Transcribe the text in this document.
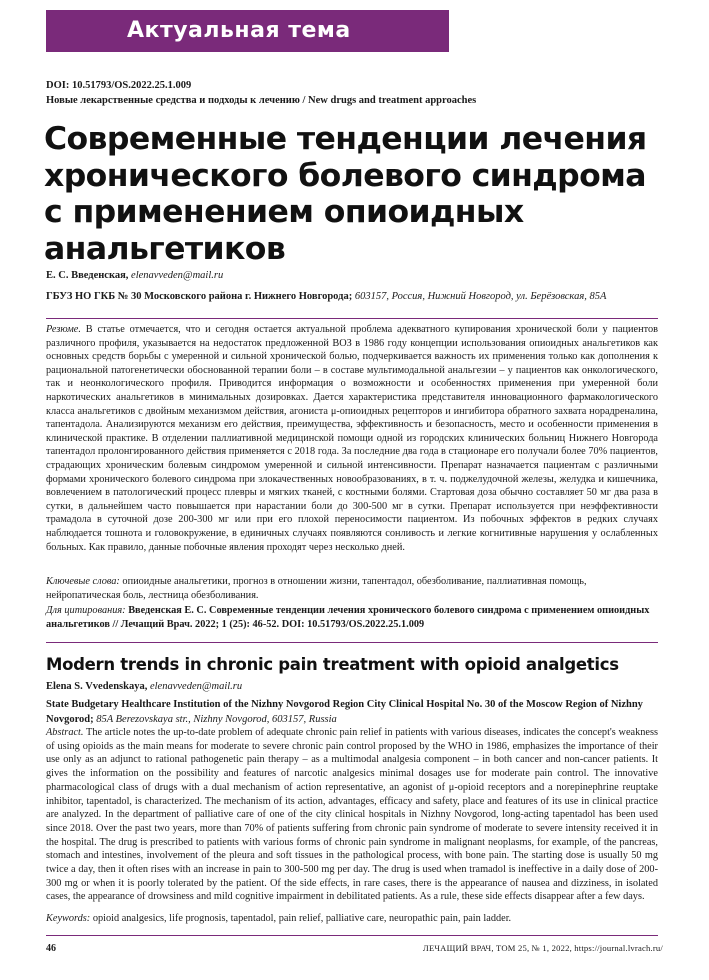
Актуальная тема
DOI: 10.51793/OS.2022.25.1.009
Новые лекарственные средства и подходы к лечению / New drugs and treatment approaches
Современные тенденции лечения
хронического болевого синдрома
с применением опиоидных
анальгетиков
Е. С. Введенская, elenavveden@mail.ru
ГБУЗ НО ГКБ № 30 Московского района г. Нижнего Новгорода; 603157, Россия, Нижний Новгород, ул. Берёзовская, 85А

Резюме. В статье отмечается, что и сегодня остается актуальной проблема адекватного купирования хронической боли у пациентов различного профиля, указывается на недостаток предложенной ВОЗ в 1986 году концепции использования опиоидных анальгетиков как основных средств борьбы с умеренной и сильной хронической болью, подчеркивается важность их применения только как дополнения к рациональной патогенетически обоснованной терапии боли – в составе мультимодальной анальгезии – у пациентов как онкологического, так и неонкологического профиля. Приводится информация о возможности и особенностях применения при умеренной боли наркотических анальгетиков в минимальных дозировках. Дается характеристика представителя инновационного фармакологического класса анальгетиков с двойным механизмом действия, агониста μ-опиоидных рецепторов и ингибитора обратного захвата норадреналина, тапентадола. Анализируются механизм его действия, преимущества, эффективность и безопасность, место и особенности применения в клинической практике. В отделении паллиативной медицинской помощи одной из городских клинических больниц Нижнего Новгорода тапентадол пролонгированного действия применяется с 2018 года. За последние два года в стационаре его получали более 70% пациентов, страдающих хроническим болевым синдромом умеренной и сильной интенсивности. Препарат назначается пациентам с различными формами хронического болевого синдрома при злокачественных новообразованиях, в т. ч. поджелудочной железы, желудка и кишечника, вовлечением в патологический процесс плевры и мягких тканей, с костными болями. Стартовая доза обычно составляет 50 мг два раза в сутки, в дальнейшем часто повышается при нарастании боли до 300-500 мг в сутки. Препарат используется при неэффективности трамадола в суточной дозе 200-300 мг или при его плохой переносимости пациентом. Из побочных эффектов в редких случаях наблюдается тошнота и головокружение, в единичных случаях появляются сонливость и легкие когнитивные нарушения у ослабленных больных. Как правило, данные побочные явления проходят через несколько дней.

Ключевые слова: опиоидные анальгетики, прогноз в отношении жизни, тапентадол, обезболивание, паллиативная помощь, нейропатическая боль, лестница обезболивания.
Для цитирования: Введенская Е. С. Современные тенденции лечения хронического болевого синдрома с применением опиоидных анальгетиков // Лечащий Врач. 2022; 1 (25): 46-52. DOI: 10.51793/OS.2022.25.1.009
Modern trends in chronic pain treatment with opioid analgetics
Elena S. Vvedenskaya, elenavveden@mail.ru
State Budgetary Healthcare Institution of the Nizhny Novgorod Region City Clinical Hospital No. 30 of the Moscow Region of Nizhny Novgorod; 85A Berezovskaya str., Nizhny Novgorod, 603157, Russia
Abstract. The article notes the up-to-date problem of adequate chronic pain relief in patients with various diseases, indicates the concept's weakness of using opioids as the main means for moderate to severe chronic pain control proposed by the WHO in 1986, emphasizes the importance of their use only as an adjunct to rational pathogenetic pain therapy – as a multimodal analgesia component – in both cancer and non-cancer patients. It gives the information on the possibility and features of narcotic analgesics minimal dosages use for moderate pain control. The innovative pharmacological class of drugs with a dual mechanism of action representative, an agonist of μ-opioid receptors and a norepinephrine reuptake inhibitor, tapentadol, is characterized. The mechanism of its action, advantages, efficacy and safety, place and features of its use in clinical practice are analyzed. In the department of palliative care of one of the city clinical hospitals in Nizhny Novgorod, long-acting tapentadol has been used since 2018. Over the past two years, more than 70% of patients suffering from chronic pain syndrome of moderate to severe intensity received it in the hospital. The drug is prescribed to patients with various forms of chronic pain syndrome in malignant neoplasms, for example, of the pancreas, stomach and intestines, involvement of the pleura and soft tissues in the pathological process, with bone pain. The starting dose is usually 50 mg twice a day, then it often rises with an increase in pain to 300-500 mg per day. The drug is used when tramadol is ineffective in a daily dose of 200-300 mg or when it is poorly tolerated by the patient. Of the side effects, in rare cases, there is the appearance of nausea and dizziness, in isolated cases, the appearance of drowsiness and mild cognitive impairment in debilitated patients. As a rule, these side effects disappear after a few days.
Keywords: opioid analgesics, life prognosis, tapentadol, pain relief, palliative care, neuropathic pain, pain ladder.
46	ЛЕЧАЩИЙ ВРАЧ, ТОМ 25, № 1, 2022, https://journal.lvrach.ru/
